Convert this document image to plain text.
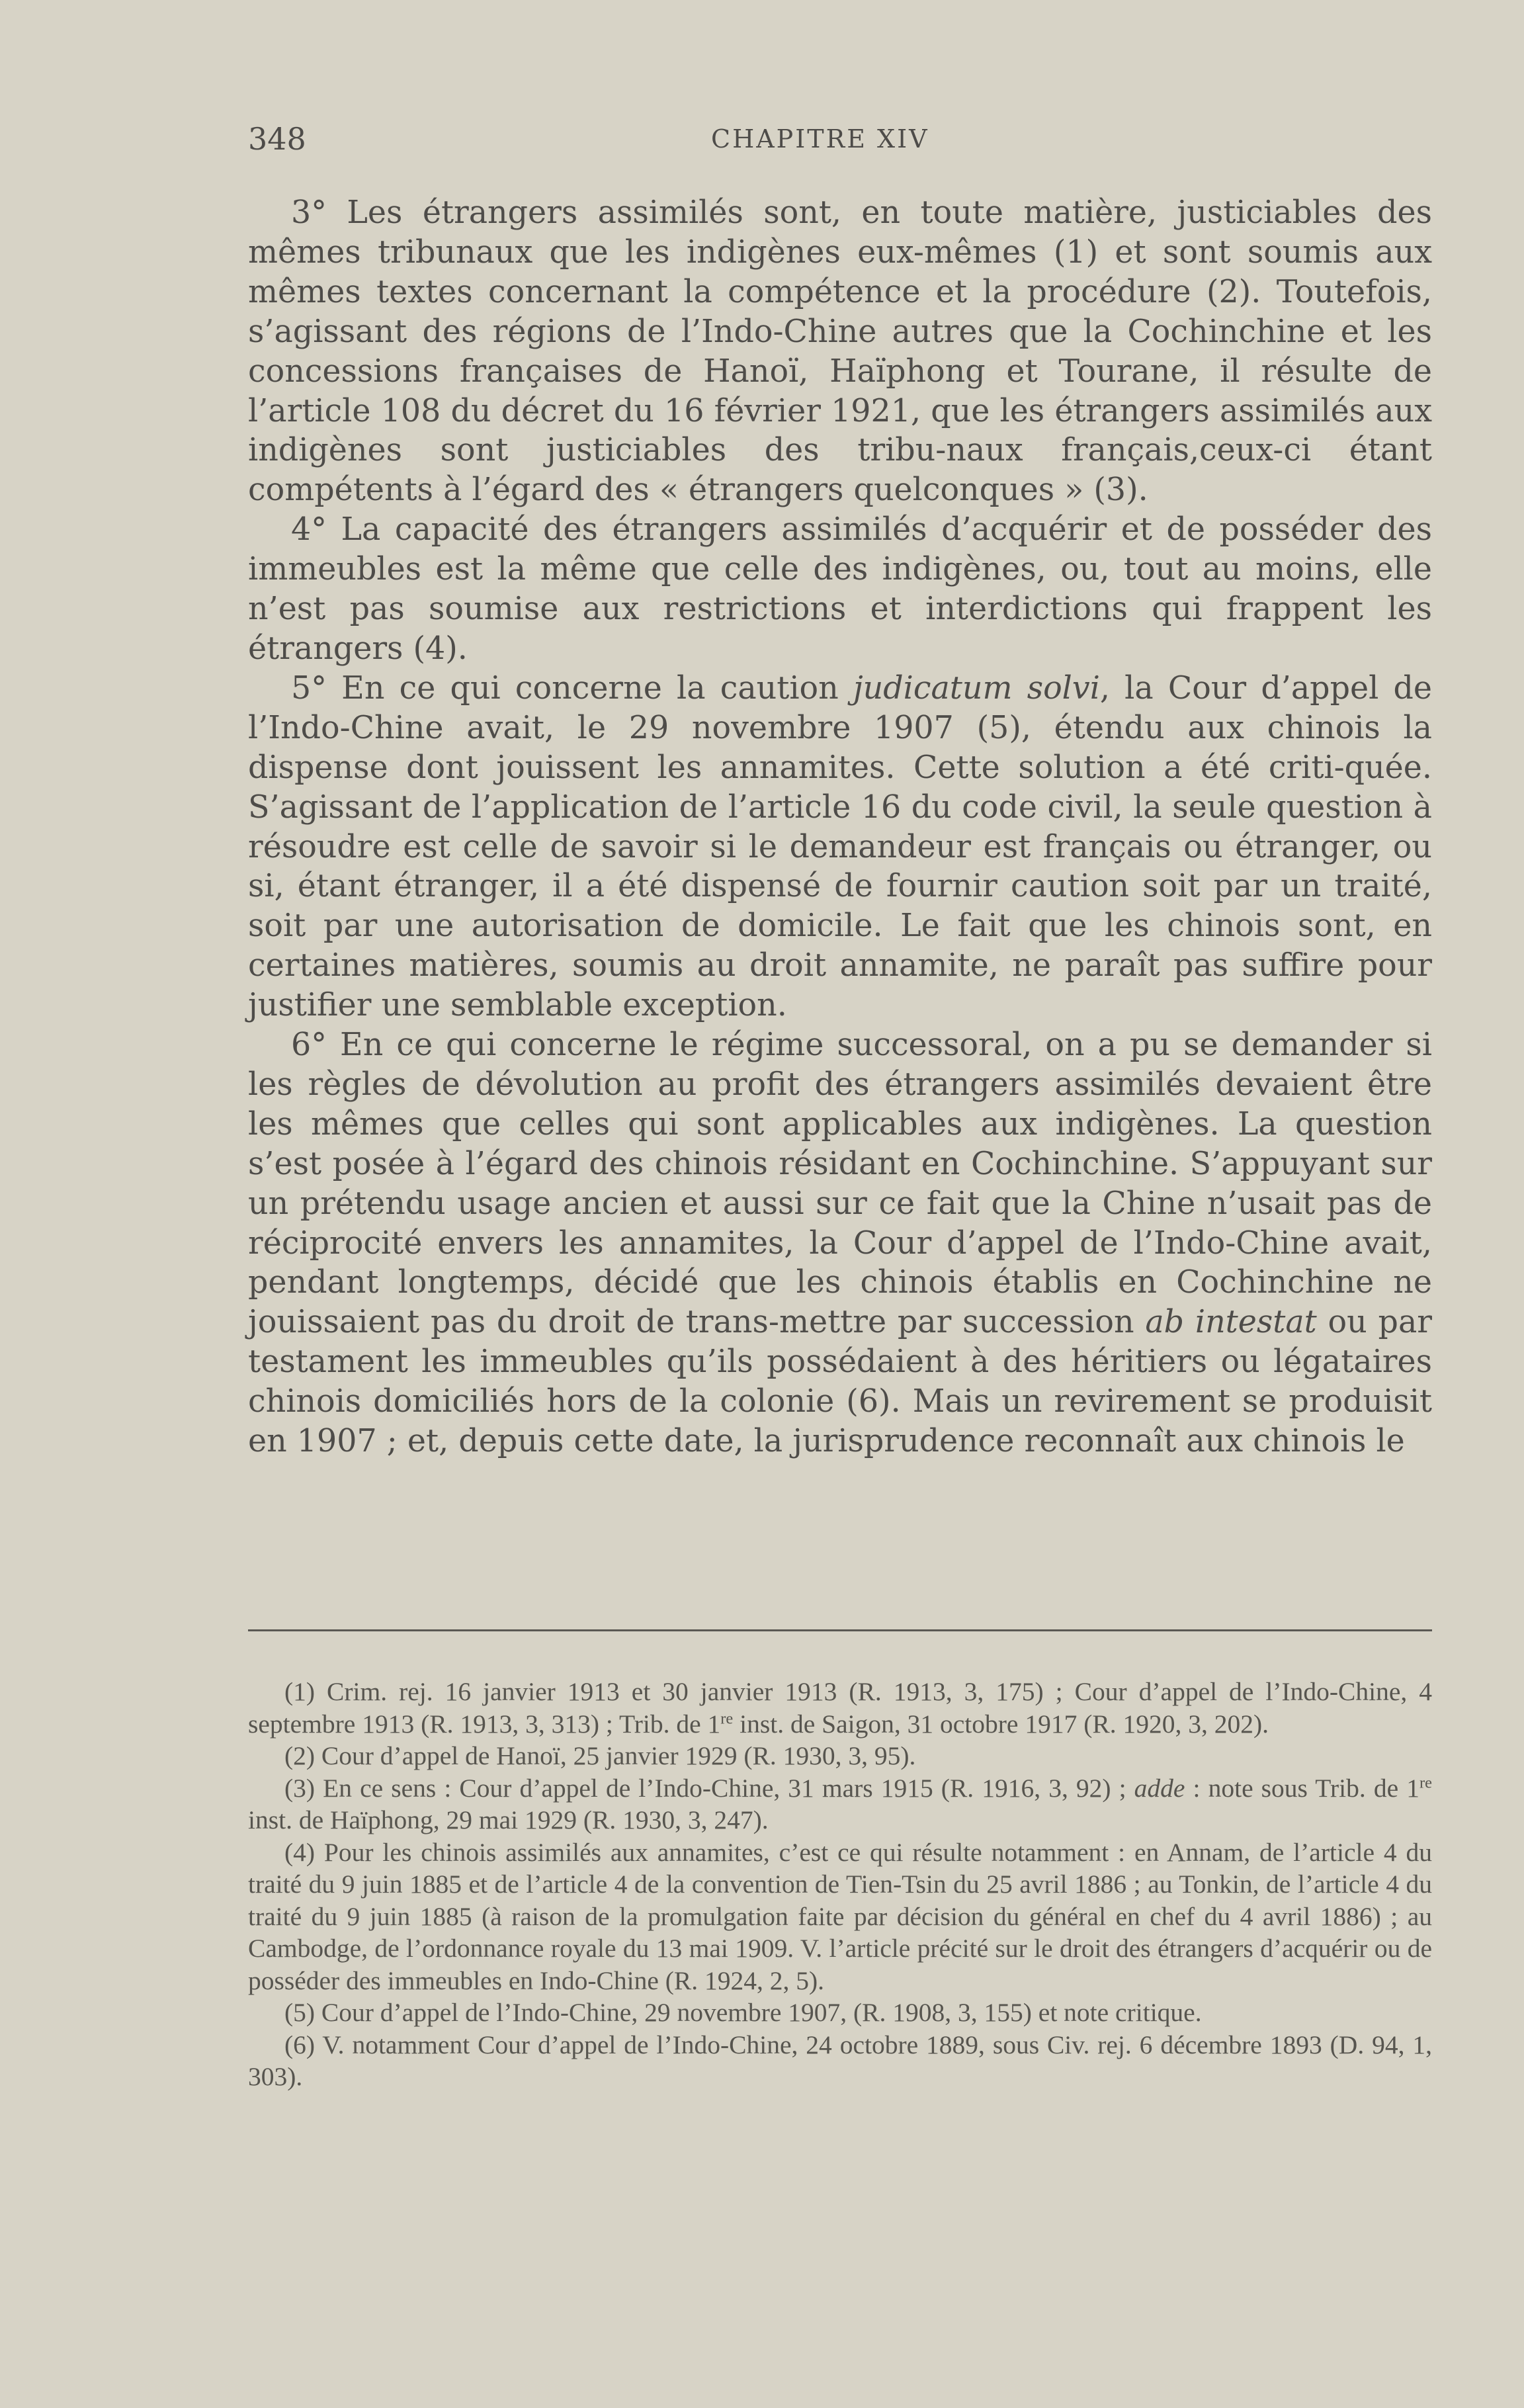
348	CHAPITRE XIV

3° Les étrangers assimilés sont, en toute matière, justiciables des mêmes tribunaux que les indigènes eux-mêmes (1) et sont soumis aux mêmes textes concernant la compétence et la procédure (2). Toutefois, s’agissant des régions de l’Indo-Chine autres que la Cochinchine et les concessions françaises de Hanoï, Haïphong et Tourane, il résulte de l’article 108 du décret du 16 février 1921, que les étrangers assimilés aux indigènes sont justiciables des tribu-naux français,ceux-ci étant compétents à l’égard des « étrangers quelconques » (3).

4° La capacité des étrangers assimilés d’acquérir et de posséder des immeubles est la même que celle des indigènes, ou, tout au moins, elle n’est pas soumise aux restrictions et interdictions qui frappent les étrangers (4).

5° En ce qui concerne la caution judicatum solvi, la Cour d’appel de l’Indo-Chine avait, le 29 novembre 1907 (5), étendu aux chinois la dispense dont jouissent les annamites. Cette solution a été criti-quée. S’agissant de l’application de l’article 16 du code civil, la seule question à résoudre est celle de savoir si le demandeur est français ou étranger, ou si, étant étranger, il a été dispensé de fournir caution soit par un traité, soit par une autorisation de domicile. Le fait que les chinois sont, en certaines matières, soumis au droit annamite, ne paraît pas suffire pour justifier une semblable exception.

6° En ce qui concerne le régime successoral, on a pu se demander si les règles de dévolution au profit des étrangers assimilés devaient être les mêmes que celles qui sont applicables aux indigènes. La question s’est posée à l’égard des chinois résidant en Cochinchine. S’appuyant sur un prétendu usage ancien et aussi sur ce fait que la Chine n’usait pas de réciprocité envers les annamites, la Cour d’appel de l’Indo-Chine avait, pendant longtemps, décidé que les chinois établis en Cochinchine ne jouissaient pas du droit de trans-mettre par succession ab intestat ou par testament les immeubles qu’ils possédaient à des héritiers ou légataires chinois domiciliés hors de la colonie (6). Mais un revirement se produisit en 1907 ; et, depuis cette date, la jurisprudence reconnaît aux chinois le

(1) Crim. rej. 16 janvier 1913 et 30 janvier 1913 (R. 1913, 3, 175) ; Cour d’appel de l’Indo-Chine, 4 septembre 1913 (R. 1913, 3, 313) ; Trib. de 1re inst. de Saigon, 31 octobre 1917 (R. 1920, 3, 202).

(2) Cour d’appel de Hanoï, 25 janvier 1929 (R. 1930, 3, 95).

(3) En ce sens : Cour d’appel de l’Indo-Chine, 31 mars 1915 (R. 1916, 3, 92) ; adde : note sous Trib. de 1re inst. de Haïphong, 29 mai 1929 (R. 1930, 3, 247).

(4) Pour les chinois assimilés aux annamites, c’est ce qui résulte notamment : en Annam, de l’article 4 du traité du 9 juin 1885 et de l’article 4 de la convention de Tien-Tsin du 25 avril 1886 ; au Tonkin, de l’article 4 du traité du 9 juin 1885 (à raison de la promulgation faite par décision du général en chef du 4 avril 1886) ; au Cambodge, de l’ordonnance royale du 13 mai 1909. V. l’article précité sur le droit des étrangers d’acquérir ou de posséder des immeubles en Indo-Chine (R. 1924, 2, 5).

(5) Cour d’appel de l’Indo-Chine, 29 novembre 1907, (R. 1908, 3, 155) et note critique.

(6) V. notamment Cour d’appel de l’Indo-Chine, 24 octobre 1889, sous Civ. rej. 6 décembre 1893 (D. 94, 1, 303).
